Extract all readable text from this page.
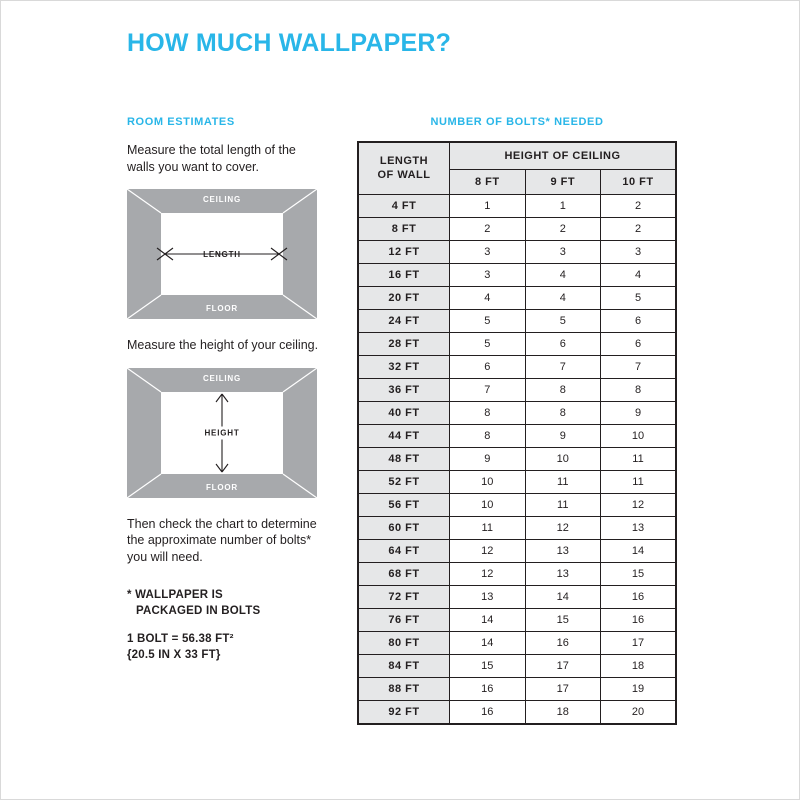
HOW MUCH WALLPAPER?
ROOM ESTIMATES
Measure the total length of the walls you want to cover.
CEILING
FLOOR
LENGTH
Measure the height of your ceiling.
CEILING
FLOOR
HEIGHT
Then check the chart to determine the approximate number of bolts* you will need.
* WALLPAPER IS
PACKAGED IN BOLTS
1 BOLT = 56.38 FT²
{20.5 IN X 33 FT}
NUMBER OF BOLTS* NEEDED
LENGTH
OF WALL	HEIGHT OF CEILING		
	8 FT	9 FT	10 FT
4 FT	1	1	2
8 FT	2	2	2
12 FT	3	3	3
16 FT	3	4	4
20 FT	4	4	5
24 FT	5	5	6
28 FT	5	6	6
32 FT	6	7	7
36 FT	7	8	8
40 FT	8	8	9
44 FT	8	9	10
48 FT	9	10	11
52 FT	10	11	11
56 FT	10	11	12
60 FT	11	12	13
64 FT	12	13	14
68 FT	12	13	15
72 FT	13	14	16
76 FT	14	15	16
80 FT	14	16	17
84 FT	15	17	18
88 FT	16	17	19
92 FT	16	18	20
